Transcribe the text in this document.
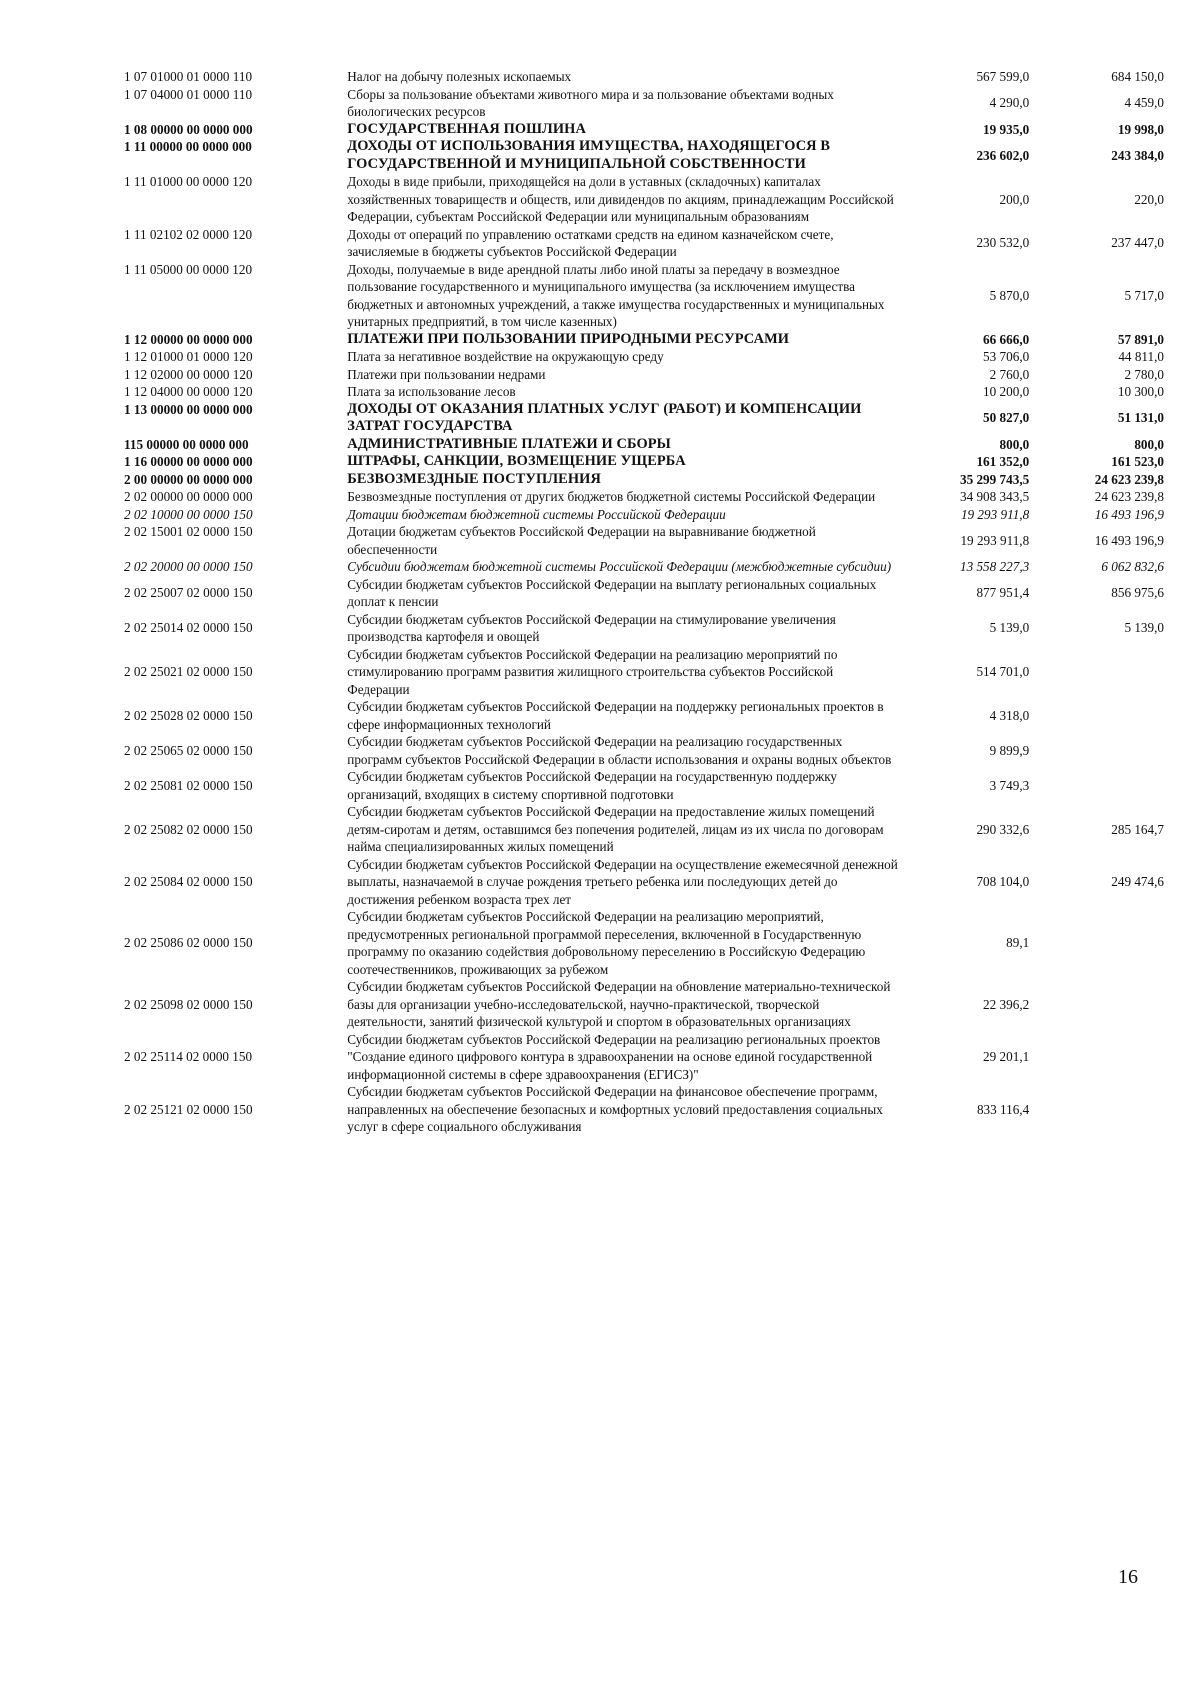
1 07 01000 01 0000 110	Налог на добычу полезных ископаемых	567 599,0	684 150,0
1 07 04000 01 0000 110	Сборы за пользование объектами животного мира и за пользование объектами водных биологических ресурсов	4 290,0	4 459,0
1 08 00000 00 0000 000	ГОСУДАРСТВЕННАЯ ПОШЛИНА	19 935,0	19 998,0
1 11 00000 00 0000 000	ДОХОДЫ ОТ ИСПОЛЬЗОВАНИЯ ИМУЩЕСТВА, НАХОДЯЩЕГОСЯ В ГОСУДАРСТВЕННОЙ И МУНИЦИПАЛЬНОЙ СОБСТВЕННОСТИ	236 602,0	243 384,0
1 11 01000 00 0000 120	Доходы в виде прибыли, приходящейся на доли в уставных (складочных) капиталах хозяйственных товариществ и обществ, или дивидендов по акциям, принадлежащим Российской Федерации, субъектам Российской Федерации или муниципальным образованиям	200,0	220,0
1 11 02102 02 0000 120	Доходы от операций по управлению остатками средств на едином казначейском счете, зачисляемые в бюджеты субъектов Российской Федерации	230 532,0	237 447,0
1 11 05000 00 0000 120	Доходы, получаемые в виде арендной платы либо иной платы за передачу в возмездное пользование государственного и муниципального имущества (за исключением имущества бюджетных и автономных учреждений, а также имущества государственных и муниципальных унитарных предприятий, в том числе казенных)	5 870,0	5 717,0
1 12 00000 00 0000 000	ПЛАТЕЖИ ПРИ ПОЛЬЗОВАНИИ ПРИРОДНЫМИ РЕСУРСАМИ	66 666,0	57 891,0
1 12 01000 01 0000 120	Плата за негативное воздействие на окружающую среду	53 706,0	44 811,0
1 12 02000 00 0000 120	Платежи при пользовании недрами	2 760,0	2 780,0
1 12 04000 00 0000 120	Плата за использование лесов	10 200,0	10 300,0
1 13 00000 00 0000 000	ДОХОДЫ ОТ ОКАЗАНИЯ ПЛАТНЫХ УСЛУГ (РАБОТ) И КОМПЕНСАЦИИ ЗАТРАТ ГОСУДАРСТВА	50 827,0	51 131,0
115 00000 00 0000 000	АДМИНИСТРАТИВНЫЕ ПЛАТЕЖИ И СБОРЫ	800,0	800,0
1 16 00000 00 0000 000	ШТРАФЫ, САНКЦИИ, ВОЗМЕЩЕНИЕ УЩЕРБА	161 352,0	161 523,0
2 00 00000 00 0000 000	БЕЗВОЗМЕЗДНЫЕ ПОСТУПЛЕНИЯ	35 299 743,5	24 623 239,8
2 02 00000 00 0000 000	Безвозмездные поступления от других бюджетов бюджетной системы Российской Федерации	34 908 343,5	24 623 239,8
2 02 10000 00 0000 150	Дотации бюджетам бюджетной системы Российской Федерации	19 293 911,8	16 493 196,9
2 02 15001 02 0000 150	Дотации бюджетам субъектов Российской Федерации на выравнивание бюджетной обеспеченности	19 293 911,8	16 493 196,9
2 02 20000 00 0000 150	Субсидии бюджетам бюджетной системы Российской Федерации (межбюджетные субсидии)	13 558 227,3	6 062 832,6
2 02 25007 02 0000 150	Субсидии бюджетам субъектов Российской Федерации на выплату региональных социальных доплат к пенсии	877 951,4	856 975,6
2 02 25014 02 0000 150	Субсидии бюджетам субъектов Российской Федерации на стимулирование увеличения производства картофеля и овощей	5 139,0	5 139,0
2 02 25021 02 0000 150	Субсидии бюджетам субъектов Российской Федерации на реализацию мероприятий по стимулированию программ развития жилищного строительства субъектов Российской Федерации	514 701,0	
2 02 25028 02 0000 150	Субсидии бюджетам субъектов Российской Федерации на поддержку региональных проектов в сфере информационных технологий	4 318,0	
2 02 25065 02 0000 150	Субсидии бюджетам субъектов Российской Федерации на реализацию государственных программ субъектов Российской Федерации в области использования и охраны водных объектов	9 899,9	
2 02 25081 02 0000 150	Субсидии бюджетам субъектов Российской Федерации на государственную поддержку организаций, входящих в систему спортивной подготовки	3 749,3	
2 02 25082 02 0000 150	Субсидии бюджетам субъектов Российской Федерации на предоставление жилых помещений детям-сиротам и детям, оставшимся без попечения родителей, лицам из их числа по договорам найма специализированных жилых помещений	290 332,6	285 164,7
2 02 25084 02 0000 150	Субсидии бюджетам субъектов Российской Федерации на осуществление ежемесячной денежной выплаты, назначаемой в случае рождения третьего ребенка или последующих детей до достижения ребенком возраста трех лет	708 104,0	249 474,6
2 02 25086 02 0000 150	Субсидии бюджетам субъектов Российской Федерации на реализацию мероприятий, предусмотренных региональной программой переселения, включенной в Государственную программу по оказанию содействия добровольному переселению в Российскую Федерацию соотечественников, проживающих за рубежом	89,1	
2 02 25098 02 0000 150	Субсидии бюджетам субъектов Российской Федерации на обновление материально-технической базы для организации учебно-исследовательской, научно-практической, творческой деятельности, занятий физической культурой и спортом в образовательных организациях	22 396,2	
2 02 25114 02 0000 150	Субсидии бюджетам субъектов Российской Федерации на реализацию региональных проектов "Создание единого цифрового контура в здравоохранении на основе единой государственной информационной системы в сфере здравоохранения (ЕГИСЗ)"	29 201,1	
2 02 25121 02 0000 150	Субсидии бюджетам субъектов Российской Федерации на финансовое обеспечение программ, направленных на обеспечение безопасных и комфортных условий предоставления социальных услуг в сфере социального обслуживания	833 116,4	
16
